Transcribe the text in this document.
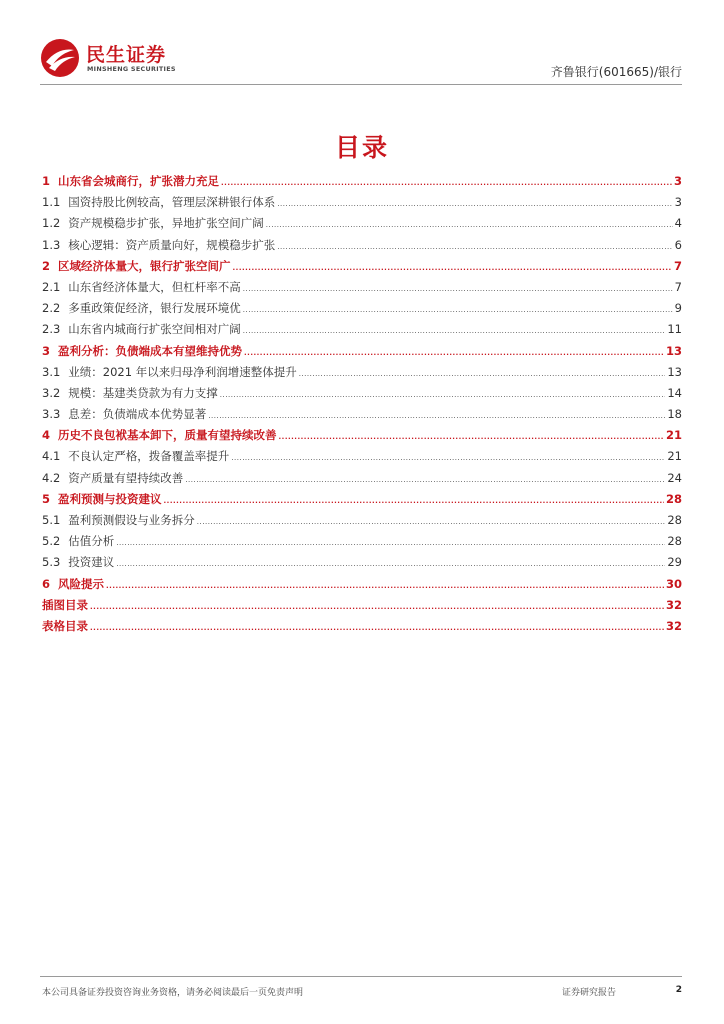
民生证券
MINSHENG SECURITIES	齐鲁银行(601665)/银行
目录
1 山东省会城商行，扩张潜力充足 .....	3
1.1 国资持股比例较高，管理层深耕银行体系 .....	3
1.2 资产规模稳步扩张，异地扩张空间广阔 .....	4
1.3 核心逻辑：资产质量向好，规模稳步扩张 .....	6
2 区域经济体量大，银行扩张空间广 .....	7
2.1 山东省经济体量大，但杠杆率不高 .....	7
2.2 多重政策促经济，银行发展环境优 .....	9
2.3 山东省内城商行扩张空间相对广阔 .....	11
3 盈利分析：负债端成本有望维持优势 .....	13
3.1 业绩：2021 年以来归母净利润增速整体提升 .....	13
3.2 规模：基建类贷款为有力支撑 .....	14
3.3 息差：负债端成本优势显著 .....	18
4 历史不良包袱基本卸下，质量有望持续改善 .....	21
4.1 不良认定严格，拨备覆盖率提升 .....	21
4.2 资产质量有望持续改善 .....	24
5 盈利预测与投资建议 .....	28
5.1 盈利预测假设与业务拆分 .....	28
5.2 估值分析 .....	28
5.3 投资建议 .....	29
6 风险提示 .....	30
插图目录 .....	32
表格目录 .....	32
本公司具备证券投资咨询业务资格，请务必阅读最后一页免责声明	证券研究报告	2
